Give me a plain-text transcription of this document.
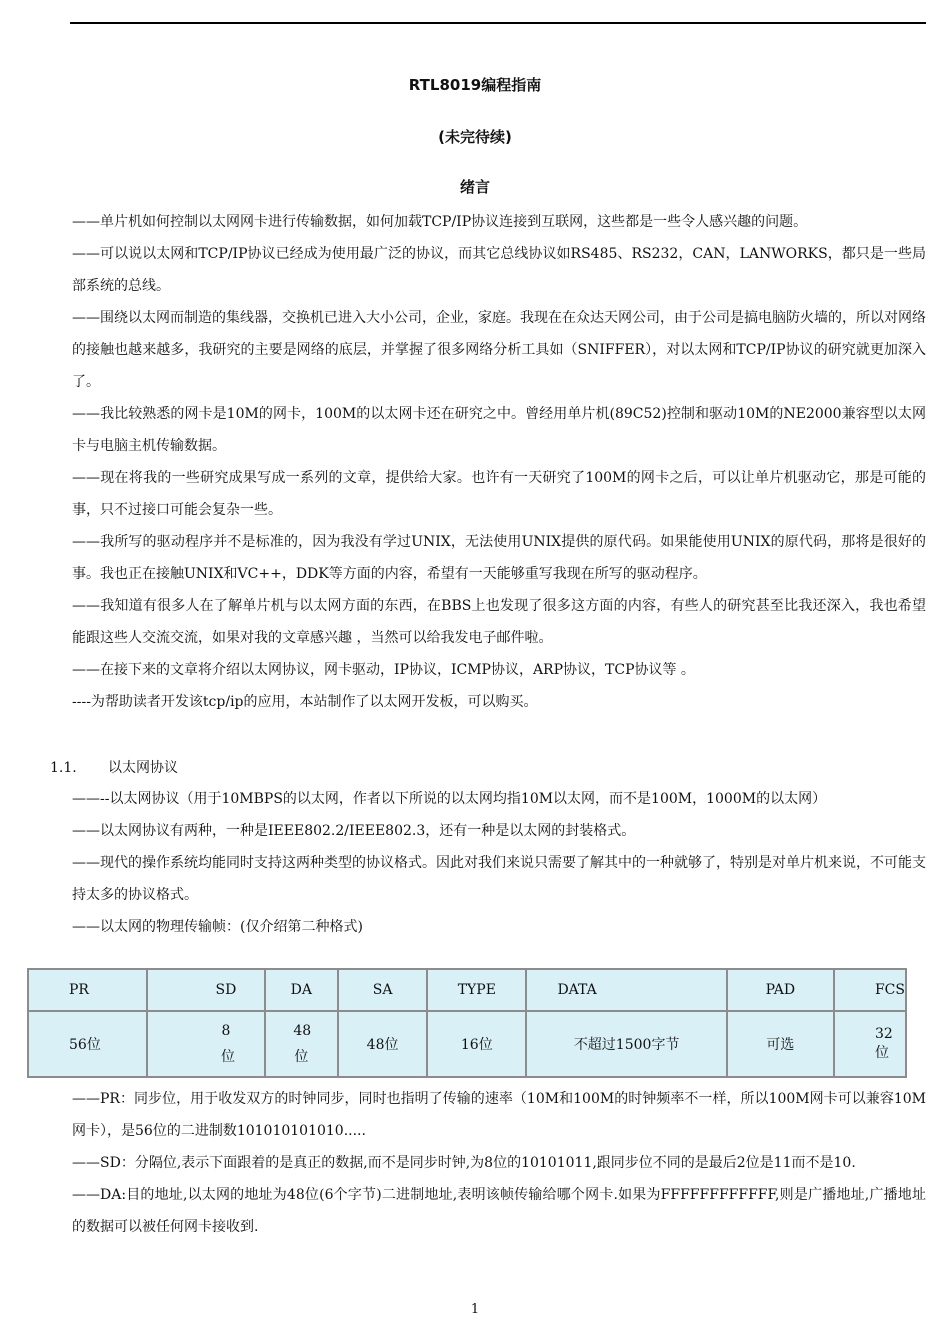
RTL8019编程指南
(未完待续)
绪言

——单片机如何控制以太网网卡进行传输数据，如何加载TCP/IP协议连接到互联网，这些都是一些令人感兴趣的问题。

——可以说以太网和TCP/IP协议已经成为使用最广泛的协议，而其它总线协议如RS485、RS232，CAN，LANWORKS，都只是一些局部系统的总线。

——围绕以太网而制造的集线器，交换机已进入大小公司，企业，家庭。我现在在众达天网公司，由于公司是搞电脑防火墙的，所以对网络的接触也越来越多，我研究的主要是网络的底层，并掌握了很多网络分析工具如（SNIFFER），对以太网和TCP/IP协议的研究就更加深入了。

——我比较熟悉的网卡是10M的网卡，100M的以太网卡还在研究之中。曾经用单片机(89C52)控制和驱动10M的NE2000兼容型以太网卡与电脑主机传输数据。

——现在将我的一些研究成果写成一系列的文章，提供给大家。也许有一天研究了100M的网卡之后，可以让单片机驱动它，那是可能的事，只不过接口可能会复杂一些。

——我所写的驱动程序并不是标准的，因为我没有学过UNIX，无法使用UNIX提供的原代码。如果能使用UNIX的原代码，那将是很好的事。我也正在接触UNIX和VC++，DDK等方面的内容，希望有一天能够重写我现在所写的驱动程序。

——我知道有很多人在了解单片机与以太网方面的东西，在BBS上也发现了很多这方面的内容，有些人的研究甚至比我还深入，我也希望能跟这些人交流交流，如果对我的文章感兴趣 ，当然可以给我发电子邮件啦。

——在接下来的文章将介绍以太网协议，网卡驱动，IP协议，ICMP协议，ARP协议，TCP协议等 。

----为帮助读者开发该tcp/ip的应用，本站制作了以太网开发板，可以购买。

1.1. 以太网协议

——--以太网协议（用于10MBPS的以太网，作者以下所说的以太网均指10M以太网，而不是100M，1000M的以太网）

——以太网协议有两种，一种是IEEE802.2/IEEE802.3，还有一种是以太网的封装格式。

——现代的操作系统均能同时支持这两种类型的协议格式。因此对我们来说只需要了解其中的一种就够了，特别是对单片机来说，不可能支持太多的协议格式。

——以太网的物理传输帧：(仅介绍第二种格式)

PR	SD	DA	SA	TYPE	DATA	PAD	FCS
56位	8位	48位	48位	16位	不超过1500字节	可选	32位

——PR：同步位，用于收发双方的时钟同步，同时也指明了传输的速率（10M和100M的时钟频率不一样，所以100M网卡可以兼容10M网卡），是56位的二进制数101010101010.....

——SD：分隔位,表示下面跟着的是真正的数据,而不是同步时钟,为8位的10101011,跟同步位不同的是最后2位是11而不是10.

——DA:目的地址,以太网的地址为48位(6个字节)二进制地址,表明该帧传输给哪个网卡.如果为FFFFFFFFFFFF,则是广播地址,广播地址的数据可以被任何网卡接收到.

1
